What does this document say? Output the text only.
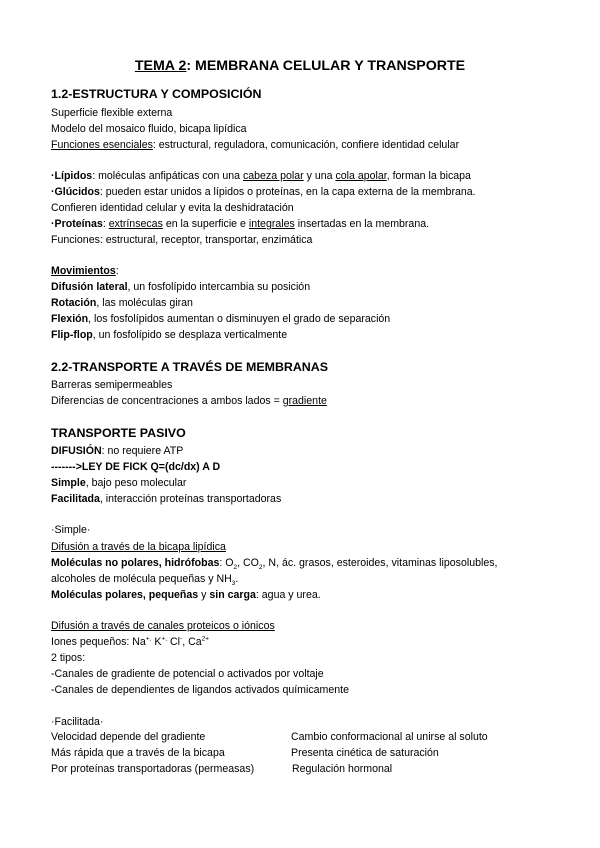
TEMA 2: MEMBRANA CELULAR Y TRANSPORTE
1.2-ESTRUCTURA Y COMPOSICIÓN
Superficie flexible externa
Modelo del mosaico fluido, bicapa lipídica
Funciones esenciales: estructural, reguladora, comunicación, confiere identidad celular
·Lípidos: moléculas anfipáticas con una cabeza polar y una cola apolar, forman la bicapa
·Glúcidos: pueden estar unidos a lípidos o proteínas, en la capa externa de la membrana.
Confieren identidad celular y evita la deshidratación
·Proteínas: extrínsecas en la superficie e integrales insertadas en la membrana.
Funciones: estructural, receptor, transportar, enzimática
Movimientos:
Difusión lateral, un fosfolípido intercambia su posición
Rotación, las moléculas giran
Flexión, los fosfolípidos aumentan o disminuyen el grado de separación
Flip-flop, un fosfolípido se desplaza verticalmente
2.2-TRANSPORTE A TRAVÉS DE MEMBRANAS
Barreras semipermeables
Diferencias de concentraciones a ambos lados = gradiente
TRANSPORTE PASIVO
DIFUSIÓN: no requiere ATP
------->LEY DE FICK Q=(dc/dx) A D
Simple, bajo peso molecular
Facilitada, interacción proteínas transportadoras
·Simple·
Difusión a través de la bicapa lipídica
Moléculas no polares, hidrófobas: $O_2$, $CO_2$, N, ác. grasos, esteroides, vitaminas liposolubles,
alcoholes de molécula pequeñas y $NH_3$.
Moléculas polares, pequeñas y sin carga: agua y urea.
Difusión a través de canales proteicos o iónicos
Iones pequeños: Na+, K+, Cl-, $Ca^{2+}$
2 tipos:
-Canales de gradiente de potencial o activados por voltaje
-Canales de dependientes de ligandos activados químicamente
·Facilitada·
Velocidad depende del gradiente
Más rápida que a través de la bicapa
Por proteínas transportadoras (permeasas)
Cambio conformacional al unirse al soluto
Presenta cinética de saturación
Regulación hormonal
